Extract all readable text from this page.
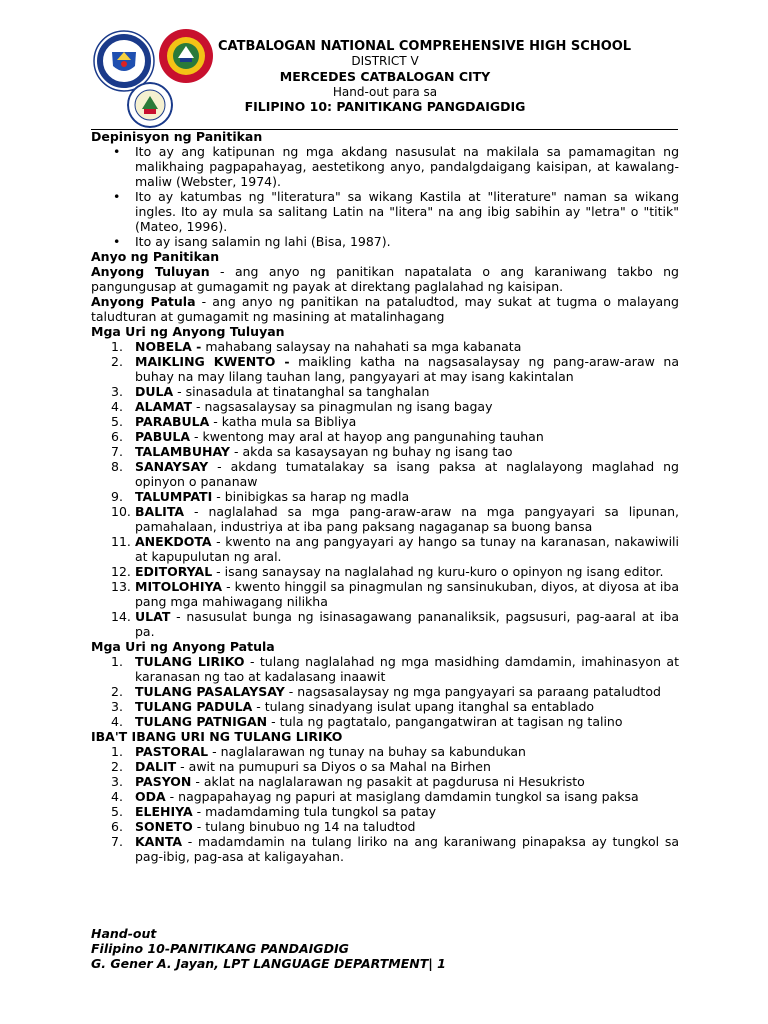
CATBALOGAN NATIONAL COMPREHENSIVE HIGH SCHOOL
DISTRICT V
MERCEDES CATBALOGAN CITY
Hand-out para sa
FILIPINO 10: PANITIKANG PANGDAIGDIG

Depinisyon ng Panitikan

• Ito ay ang katipunan ng mga akdang nasusulat na makilala sa pamamagitan ng malikhaing pagpapahayag, aestetikong anyo, pandalgdaigang kaisipan, at kawalang-maliw (Webster, 1974).
• Ito ay katumbas ng "literatura" sa wikang Kastila at "literature" naman sa wikang ingles. Ito ay mula sa salitang Latin na "litera" na ang ibig sabihin ay "letra" o "titik"(Mateo, 1996).
• Ito ay isang salamin ng lahi (Bisa, 1987).

Anyo ng Panitikan

Anyong Tuluyan - ang anyo ng panitikan napatalata o ang karaniwang takbo ng pangungusap at gumagamit ng payak at direktang paglalahad ng kaisipan.

Anyong Patula - ang anyo ng panitikan na pataludtod, may sukat at tugma o malayang taludturan at gumagamit ng masining at matalinhagang

Mga Uri ng Anyong Tuluyan

1. NOBELA - mahabang salaysay na nahahati sa mga kabanata
2. MAIKLING KWENTO - maikling katha na nagsasalaysay ng pang-araw-araw na buhay na may lilang tauhan lang, pangyayari at may isang kakintalan
3. DULA - sinasadula at tinatanghal sa tanghalan
4. ALAMAT - nagsasalaysay sa pinagmulan ng isang bagay
5. PARABULA - katha mula sa Bibliya
6. PABULA - kwentong may aral at hayop ang pangunahing tauhan
7. TALAMBUHAY - akda sa kasaysayan ng buhay ng isang tao
8. SANAYSAY - akdang tumatalakay sa isang paksa at naglalayong maglahad ng opinyon o pananaw
9. TALUMPATI - binibigkas sa harap ng madla
10. BALITA - naglalahad sa mga pang-araw-araw na mga pangyayari sa lipunan, pamahalaan, industriya at iba pang paksang nagaganap sa buong bansa
11. ANEKDOTA - kwento na ang pangyayari ay hango sa tunay na karanasan, nakawiwili at kapupulutan ng aral.
12. EDITORYAL - isang sanaysay na naglalahad ng kuru-kuro o opinyon ng isang editor.
13. MITOLOHIYA - kwento hinggil sa pinagmulan ng sansinukuban, diyos, at diyosa at iba pang mga mahiwagang nilikha
14. ULAT - nasusulat bunga ng isinasagawang pananaliksik, pagsusuri, pag-aaral at iba pa.

Mga Uri ng Anyong Patula

1. TULANG LIRIKO - tulang naglalahad ng mga masidhing damdamin, imahinasyon at karanasan ng tao at kadalasang inaawit
2. TULANG PASALAYSAY - nagsasalaysay ng mga pangyayari sa paraang pataludtod
3. TULANG PADULA - tulang sinadyang isulat upang itanghal sa entablado
4. TULANG PATNIGAN - tula ng pagtatalo, pangangatwiran at tagisan ng talino

IBA'T IBANG URI NG TULANG LIRIKO

1. PASTORAL - naglalarawan ng tunay na buhay sa kabundukan
2. DALIT - awit na pumupuri sa Diyos o sa Mahal na Birhen
3. PASYON - aklat na naglalarawan ng pasakit at pagdurusa ni Hesukristo
4. ODA - nagpapahayag ng papuri at masiglang damdamin tungkol sa isang paksa
5. ELEHIYA - madamdaming tula tungkol sa patay
6. SONETO - tulang binubuo ng 14 na taludtod
7. KANTA - madamdamin na tulang liriko na ang karaniwang pinapaksa ay tungkol sa pag-ibig, pag-asa at kaligayahan.
Hand-out
Filipino 10-PANITIKANG PANDAIGDIG
G. Gener A. Jayan, LPT LANGUAGE DEPARTMENT| 1
